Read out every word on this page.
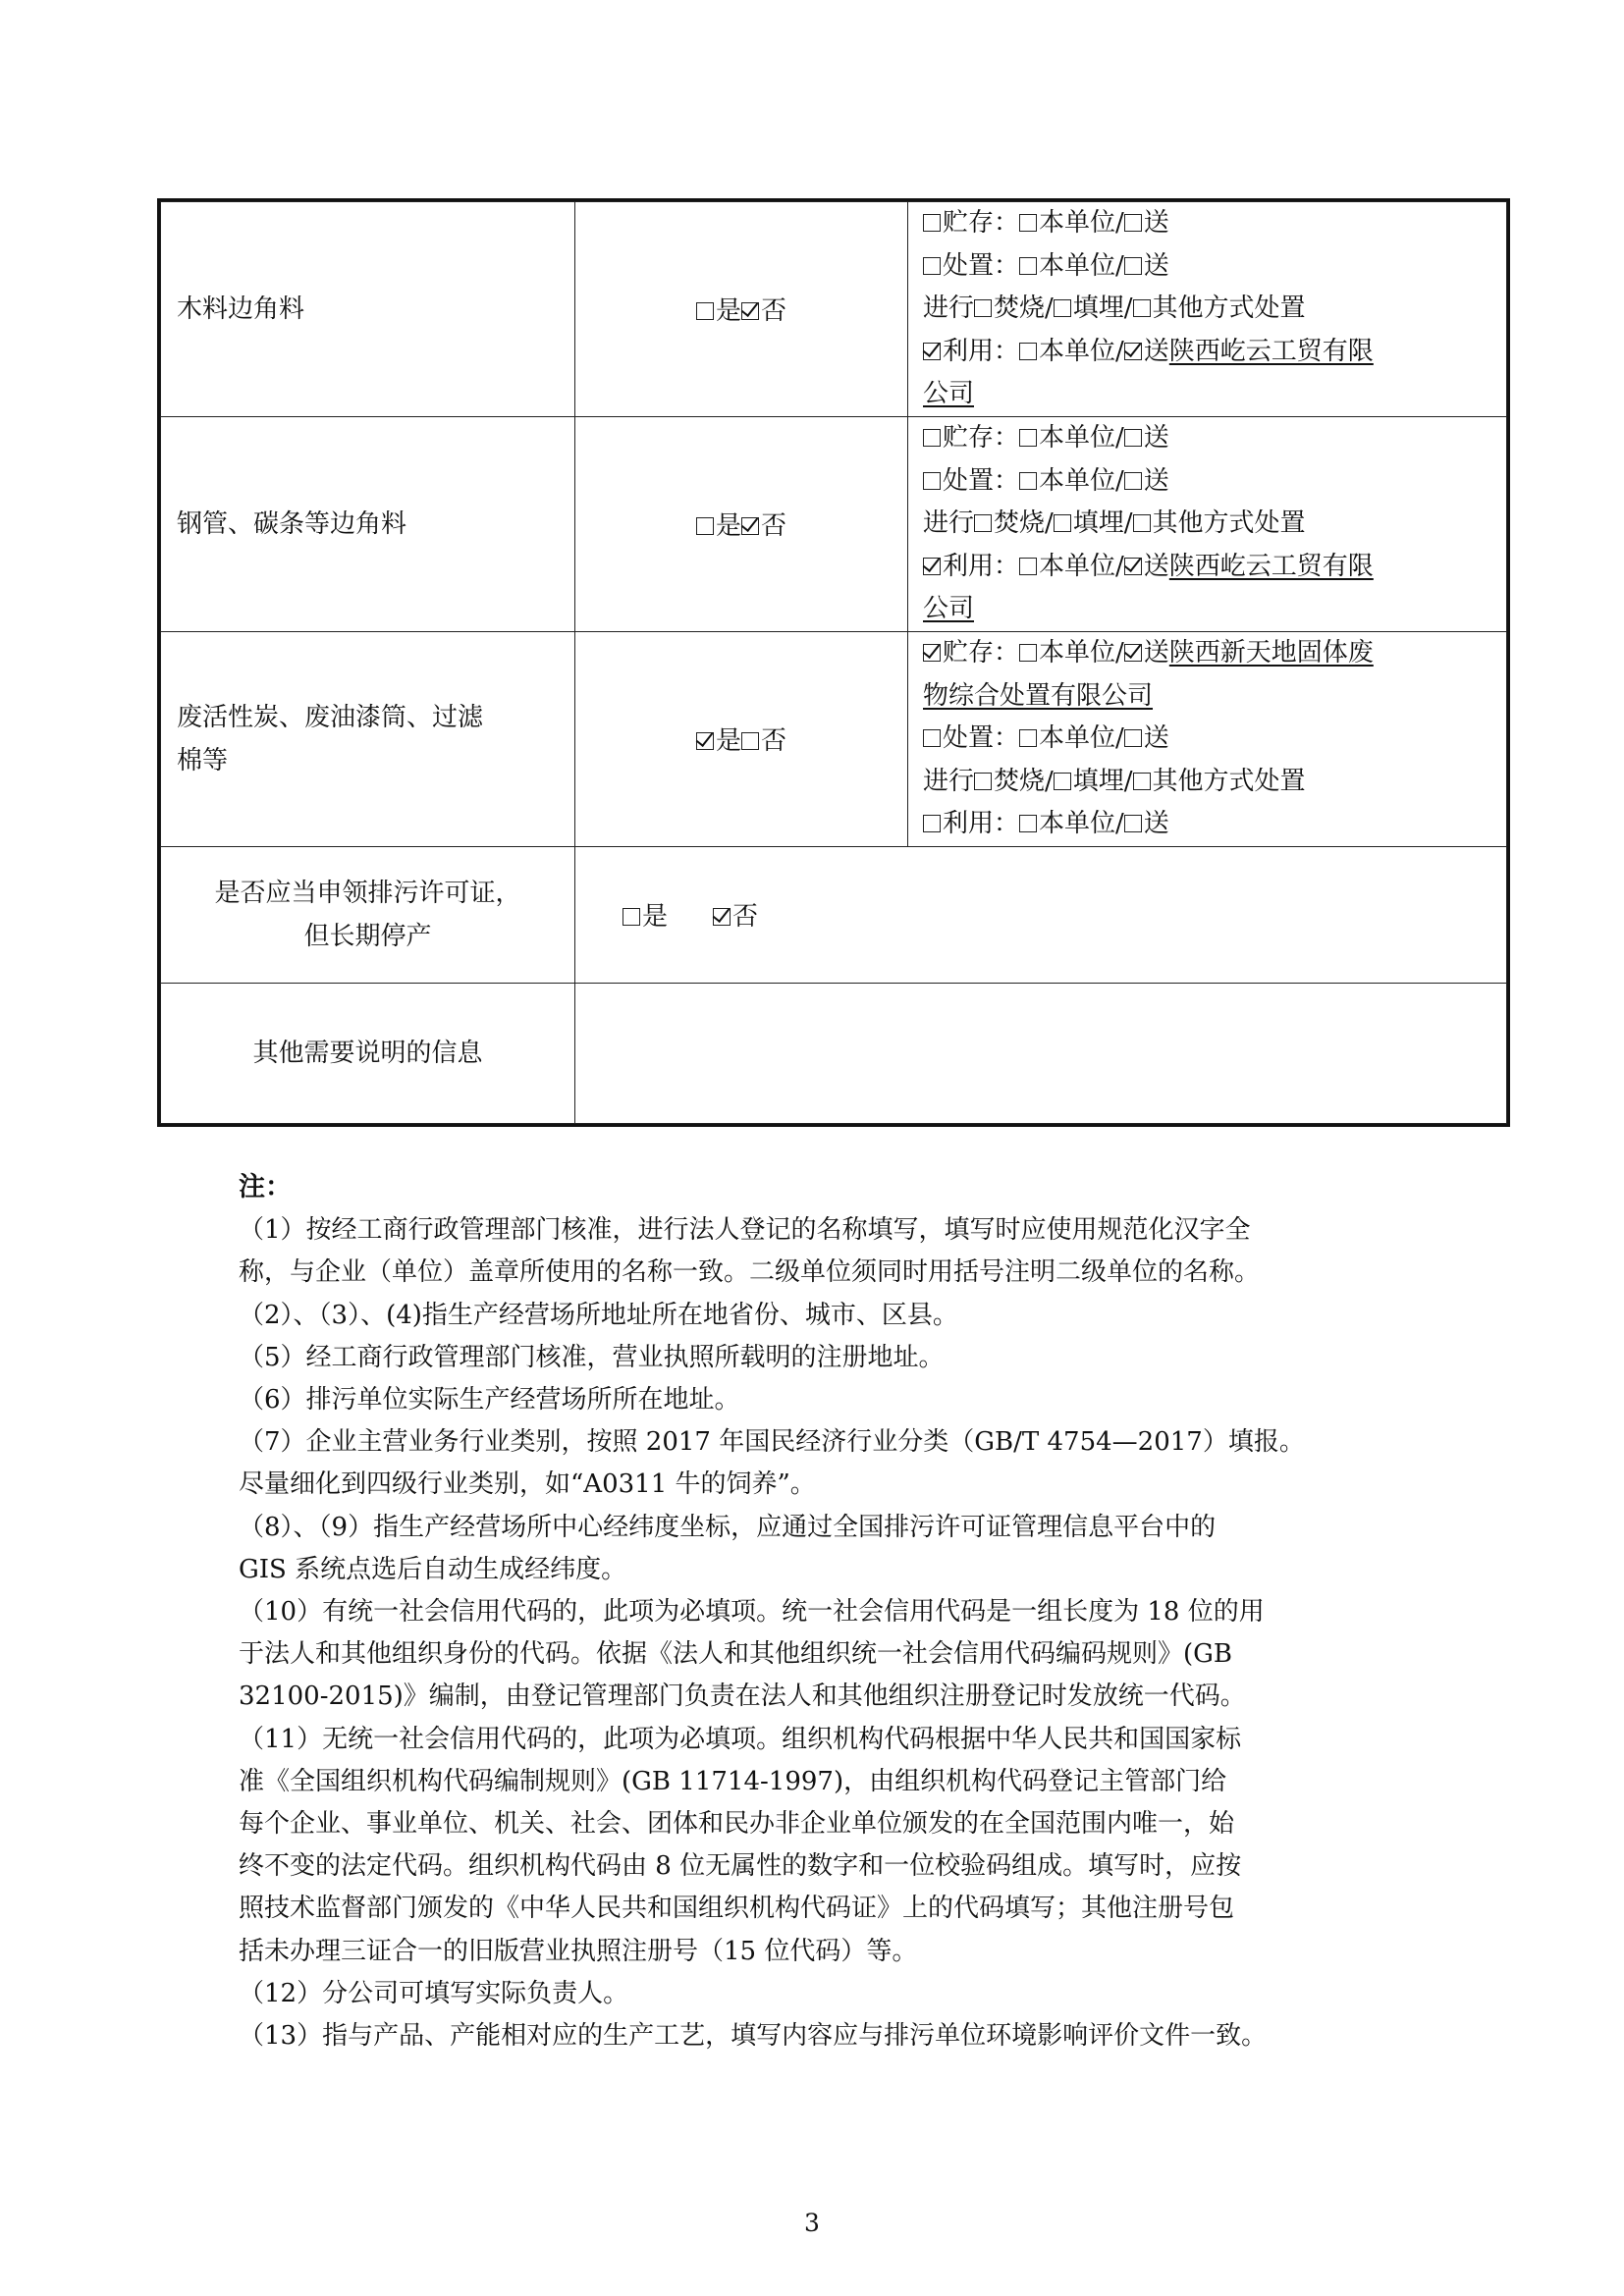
木料边角料	是 否	贮存： 本单位/ 送
处置： 本单位/ 送
进行 焚烧/ 填埋/ 其他方式处置
利用： 本单位/ 送陕西屹云工贸有限
公司

钢管、碳条等边角料	是 否	贮存： 本单位/ 送
处置： 本单位/ 送
进行 焚烧/ 填埋/ 其他方式处置
利用： 本单位/ 送陕西屹云工贸有限
公司

废活性炭、废油漆筒、过滤
棉等	是 否	贮存： 本单位/ 送陕西新天地固体废
物综合处置有限公司
处置： 本单位/ 送
进行 焚烧/ 填埋/ 其他方式处置
利用： 本单位/ 送

是否应当申领排污许可证，
但长期停产	是 否	
其他需要说明的信息		
注：

（1）按经工商行政管理部门核准，进行法人登记的名称填写，填写时应使用规范化汉字全

称，与企业（单位）盖章所使用的名称一致。二级单位须同时用括号注明二级单位的名称。

（2）、（3）、(4)指生产经营场所地址所在地省份、城市、区县。

（5）经工商行政管理部门核准，营业执照所载明的注册地址。

（6）排污单位实际生产经营场所所在地址。

（7）企业主营业务行业类别，按照 2017 年国民经济行业分类（GB/T 4754—2017）填报。

尽量细化到四级行业类别，如“A0311 牛的饲养”。

（8）、（9）指生产经营场所中心经纬度坐标，应通过全国排污许可证管理信息平台中的

GIS 系统点选后自动生成经纬度。

（10）有统一社会信用代码的，此项为必填项。统一社会信用代码是一组长度为 18 位的用

于法人和其他组织身份的代码。依据《法人和其他组织统一社会信用代码编码规则》(GB

32100-2015)》编制，由登记管理部门负责在法人和其他组织注册登记时发放统一代码。

（11）无统一社会信用代码的，此项为必填项。组织机构代码根据中华人民共和国国家标

准《全国组织机构代码编制规则》(GB 11714-1997)，由组织机构代码登记主管部门给

每个企业、事业单位、机关、社会、团体和民办非企业单位颁发的在全国范围内唯一，始

终不变的法定代码。组织机构代码由 8 位无属性的数字和一位校验码组成。填写时，应按

照技术监督部门颁发的《中华人民共和国组织机构代码证》上的代码填写；其他注册号包

括未办理三证合一的旧版营业执照注册号（15 位代码）等。

（12）分公司可填写实际负责人。

（13）指与产品、产能相对应的生产工艺，填写内容应与排污单位环境影响评价文件一致。

3
